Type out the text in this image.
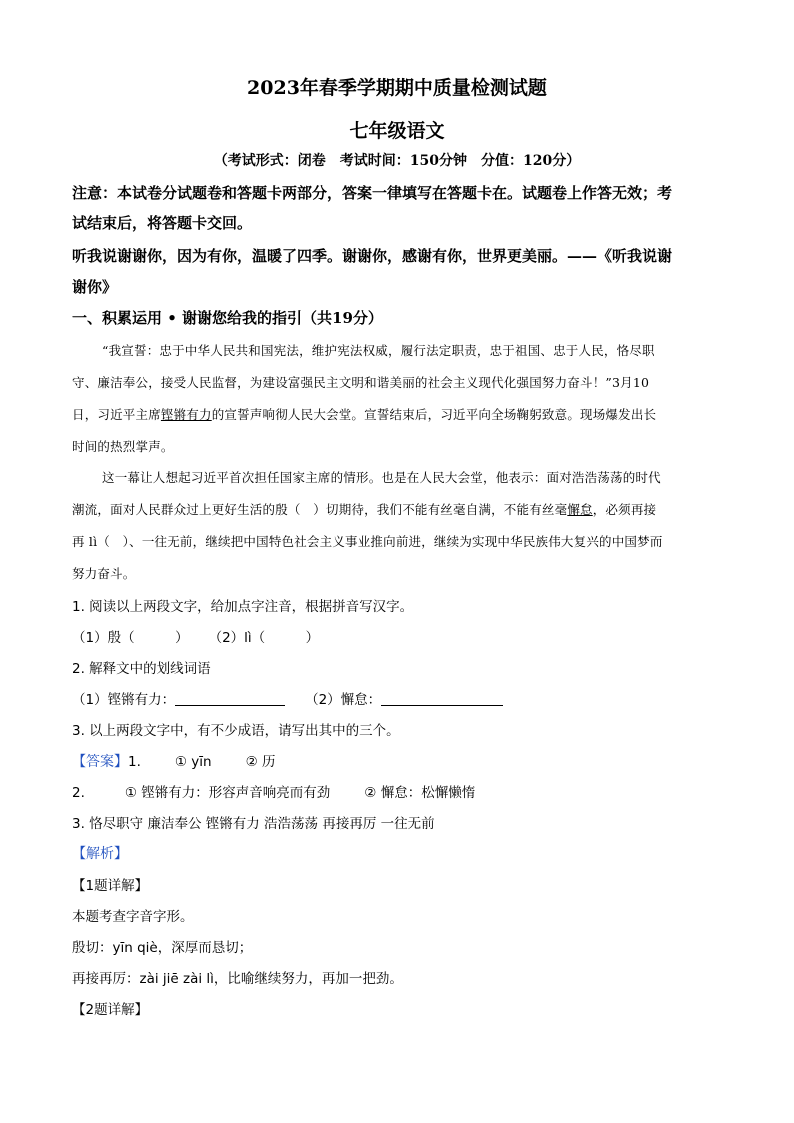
2023年春季学期期中质量检测试题
七年级语文
（考试形式：闭卷　考试时间：150分钟　分值：120分）
注意：本试卷分试题卷和答题卡两部分，答案一律填写在答题卡在。试题卷上作答无效；考
试结束后，将答题卡交回。
听我说谢谢你，因为有你，温暖了四季。谢谢你，感谢有你，世界更美丽。——《听我说谢
谢你》
一、积累运用 • 谢谢您给我的指引（共19分）
“我宣誓：忠于中华人民共和国宪法，维护宪法权威，履行法定职责，忠于祖国、忠于人民，恪尽职
守、廉洁奉公，接受人民监督，为建设富强民主文明和谐美丽的社会主义现代化强国努力奋斗！”3月10
日，习近平主席铿锵有力的宣誓声响彻人民大会堂。宣誓结束后，习近平向全场鞠躬致意。现场爆发出长
时间的热烈掌声。
这一幕让人想起习近平首次担任国家主席的情形。也是在人民大会堂，他表示：面对浩浩荡荡的时代
潮流，面对人民群众过上更好生活的殷（　）切期待，我们不能有丝毫自满，不能有丝毫懈怠，必须再接
再 lì（　）、一往无前，继续把中国特色社会主义事业推向前进，继续为实现中华民族伟大复兴的中国梦而
努力奋斗。
1. 阅读以上两段文字，给加点字注音，根据拼音写汉字。
（1）殷（　　　） （2）lì（　　　）
2. 解释文中的划线词语
（1）铿锵有力：	（2）懈怠：
3. 以上两段文字中，有不少成语，请写出其中的三个。
【答案】1.	① yīn	② 历
2.	① 铿锵有力：形容声音响亮而有劲	② 懈怠：松懈懒惰
3. 恪尽职守 廉洁奉公 铿锵有力 浩浩荡荡 再接再厉 一往无前
【解析】
【1题详解】
本题考查字音字形。
殷切：yīn qiè，深厚而恳切；
再接再厉：zài jiē zài lì，比喻继续努力，再加一把劲。
【2题详解】
